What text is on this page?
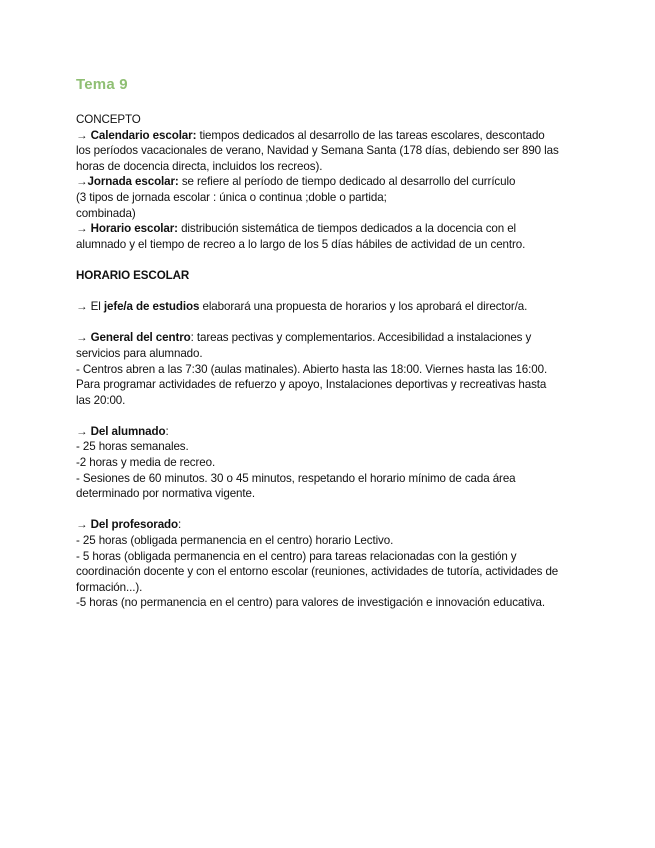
Tema 9
CONCEPTO
→ Calendario escolar: tiempos dedicados al desarrollo de las tareas escolares, descontado
los períodos vacacionales de verano, Navidad y Semana Santa (178 días, debiendo ser 890 las
horas de docencia directa, incluidos los recreos).
→Jornada escolar: se refiere al período de tiempo dedicado al desarrollo del currículo
(3 tipos de jornada escolar : única o continua ;doble o partida;
combinada)
→ Horario escolar: distribución sistemática de tiempos dedicados a la docencia con el
alumnado y el tiempo de recreo a lo largo de los 5 días hábiles de actividad de un centro.
HORARIO ESCOLAR
→ El jefe/a de estudios elaborará una propuesta de horarios y los aprobará el director/a.
→ General del centro: tareas pectivas y complementarios. Accesibilidad a instalaciones y
servicios para alumnado.
- Centros abren a las 7:30 (aulas matinales). Abierto hasta las 18:00. Viernes hasta las 16:00.
Para programar actividades de refuerzo y apoyo, Instalaciones deportivas y recreativas hasta
las 20:00.
→ Del alumnado:
- 25 horas semanales.
-2 horas y media de recreo.
- Sesiones de 60 minutos. 30 o 45 minutos, respetando el horario mínimo de cada área
determinado por normativa vigente.
→ Del profesorado:
- 25 horas (obligada permanencia en el centro) horario Lectivo.
- 5 horas (obligada permanencia en el centro) para tareas relacionadas con la gestión y
coordinación docente y con el entorno escolar (reuniones, actividades de tutoría, actividades de
formación...).
-5 horas (no permanencia en el centro) para valores de investigación e innovación educativa.
